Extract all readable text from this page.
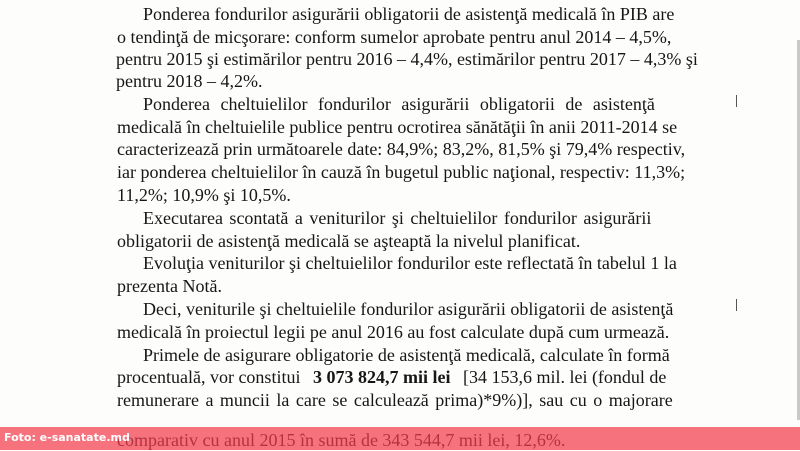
Ponderea fondurilor asigurării obligatorii de asistenţă medicală în PIB are
o tendinţă de micşorare: conform sumelor aprobate pentru anul 2014 – 4,5%,
pentru 2015 şi estimărilor pentru 2016 – 4,4%, estimărilor pentru 2017 – 4,3% şi
pentru 2018 – 4,2%.
Ponderea cheltuielilor fondurilor asigurării obligatorii de asistenţă
medicală în cheltuielile publice pentru ocrotirea sănătăţii în anii 2011-2014 se
caracterizează prin următoarele date: 84,9%; 83,2%, 81,5% şi 79,4% respectiv,
iar ponderea cheltuielilor în cauză în bugetul public naţional, respectiv: 11,3%;
11,2%; 10,9% şi 10,5%.
Executarea scontată a veniturilor şi cheltuielilor fondurilor asigurării
obligatorii de asistenţă medicală se aşteaptă la nivelul planificat.
Evoluţia veniturilor şi cheltuielilor fondurilor este reflectată în tabelul 1 la
prezenta Notă.
Deci, veniturile şi cheltuielile fondurilor asigurării obligatorii de asistenţă
medicală în proiectul legii pe anul 2016 au fost calculate după cum urmează.
Primele de asigurare obligatorie de asistenţă medicală, calculate în formă
procentuală, vor constitui 3 073 824,7 mii lei [34 153,6 mil. lei (fondul de
remunerare a muncii la care se calculează prima)*9%)], sau cu o majorare
comparativ cu anul 2015 în sumă de 343 544,7 mii lei, 12,6%.
Foto: e-sanatate.md
